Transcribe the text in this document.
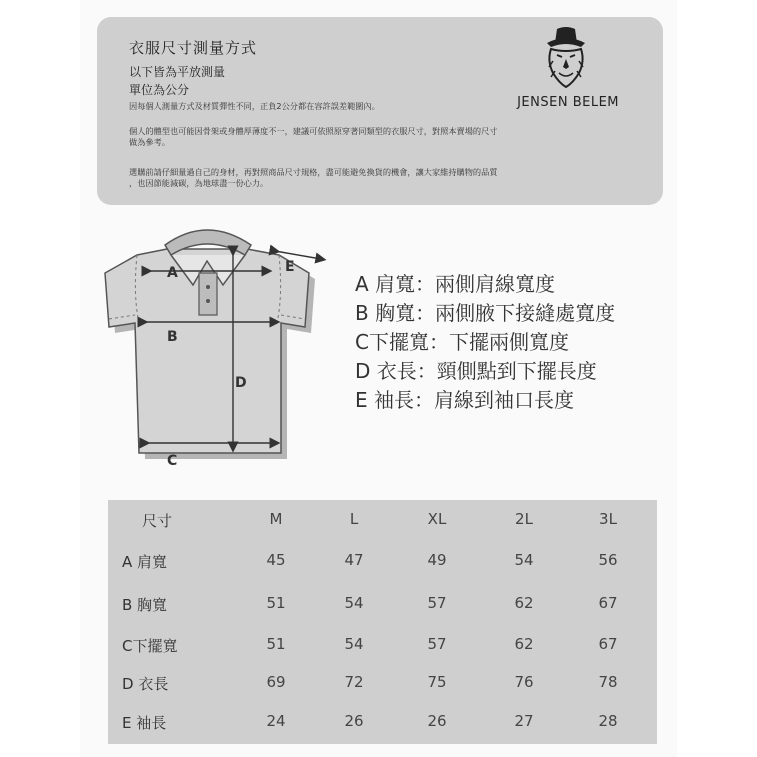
衣服尺寸測量方式
以下皆為平放測量
單位為公分
因每個人測量方式及材質彈性不同，正負2公分都在容許誤差範圍內。
個人的體型也可能因骨架或身體厚薄度不一，建議可依照原穿著同類型的衣服尺寸，對照本賣場的尺寸
做為參考。
選購前請仔細量過自己的身材，再對照商品尺寸規格，盡可能避免換貨的機會，讓大家維持購物的品質
，也因節能減碳，為地球盡一份心力。
JENSEN BELEM
A
B
C
D
E
A 肩寬：兩側肩線寬度
B 胸寬：兩側腋下接縫處寬度
C下擺寬：下擺兩側寬度
D 衣長：頸側點到下擺長度
E 袖長：肩線到袖口長度
尺寸	M	L	XL	2L	3L
A 肩寬	45	47	49	54	56
B 胸寬	51	54	57	62	67
C下擺寬	51	54	57	62	67
D 衣長	69	72	75	76	78
E 袖長	24	26	26	27	28
